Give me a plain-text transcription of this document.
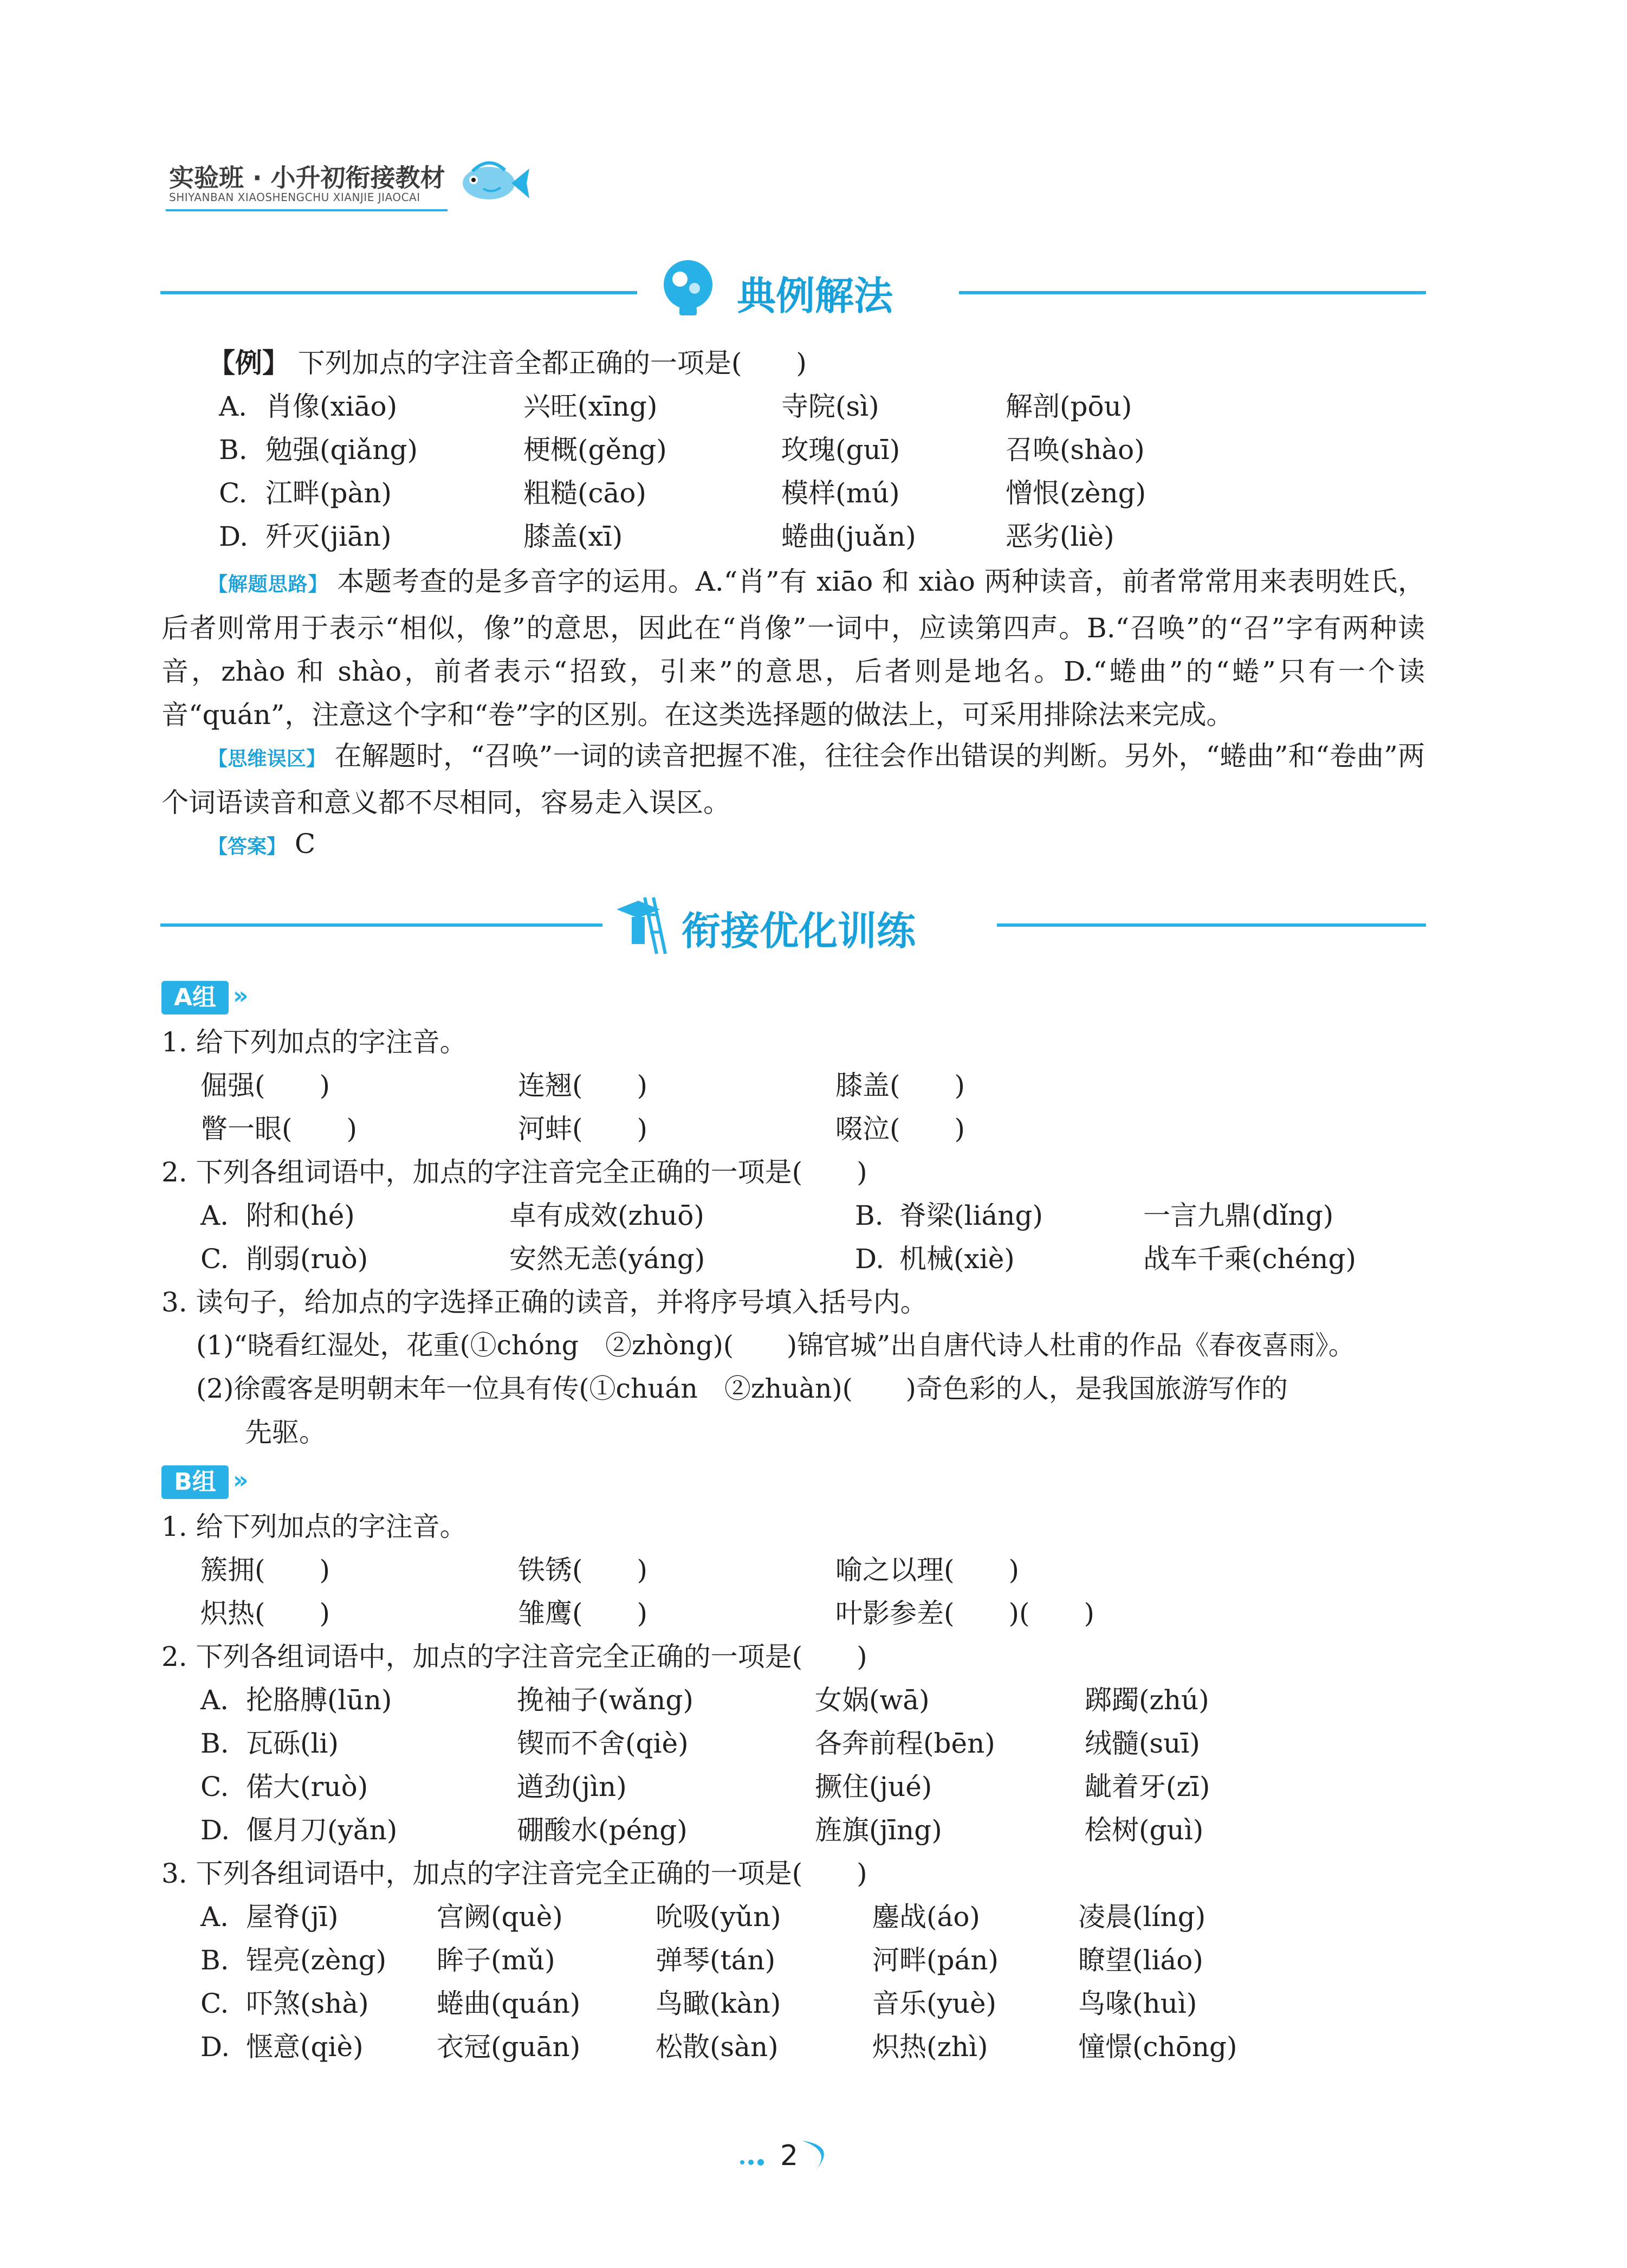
实验班 · 小升初衔接教材
SHIYANBAN XIAOSHENGCHU XIANJIE JIAOCAI
典例解法
【例】 下列加点的字注音全都正确的一项是(　　)
A. 肖像(xiāo)	兴旺(xīng)	寺院(sì)	解剖(pōu)
B. 勉强(qiǎng)	梗概(gěng)	玫瑰(guī)	召唤(shào)
C. 江畔(pàn)	粗糙(cāo)	模样(mú)	憎恨(zèng)
D. 歼灭(jiān)	膝盖(xī)	蜷曲(juǎn)	恶劣(liè)
【解题思路】 本题考查的是多音字的运用。A.“肖”有 xiāo 和 xiào 两种读音，前者常常用来表明姓氏，后者则常用于表示“相似，像”的意思，因此在“肖像”一词中，应读第四声。B.“召唤”的“召”字有两种读音，zhào 和 shào，前者表示“招致，引来”的意思，后者则是地名。D.“蜷曲”的“蜷”只有一个读音“quán”，注意这个字和“卷”字的区别。在这类选择题的做法上，可采用排除法来完成。
【思维误区】 在解题时，“召唤”一词的读音把握不准，往往会作出错误的判断。另外，“蜷曲”和“卷曲”两个词语读音和意义都不尽相同，容易走入误区。
【答案】 C
衔接优化训练
A组 »
1. 给下列加点的字注音。
倔强(　　)	连翘(　　)	膝盖(　　)
瞥一眼(　　)	河蚌(　　)	啜泣(　　)
2. 下列各组词语中，加点的字注音完全正确的一项是(　　)
A. 附和(hé)	卓有成效(zhuō)	B. 脊梁(liáng)	一言九鼎(dǐng)
C. 削弱(ruò)	安然无恙(yáng)	D. 机械(xiè)	战车千乘(chéng)
3. 读句子，给加点的字选择正确的读音，并将序号填入括号内。
(1)“晓看红湿处，花重(①chóng　②zhòng)(　　)锦官城”出自唐代诗人杜甫的作品《春夜喜雨》。
(2)徐霞客是明朝末年一位具有传(①chuán　②zhuàn)(　　)奇色彩的人，是我国旅游写作的
先驱。
B组 »
1. 给下列加点的字注音。
簇拥(　　)	铁锈(　　)	喻之以理(　　)
炽热(　　)	雏鹰(　　)	叶影参差(　　)(　　)
2. 下列各组词语中，加点的字注音完全正确的一项是(　　)
A. 抡胳膊(lūn)	挽袖子(wǎng)	女娲(wā)	踯躅(zhú)
B. 瓦砾(li)	锲而不舍(qiè)	各奔前程(bēn)	绒髓(suī)
C. 偌大(ruò)	遒劲(jìn)	撅住(jué)	龇着牙(zī)
D. 偃月刀(yǎn)	硼酸水(péng)	旌旗(jīng)	桧树(guì)
3. 下列各组词语中，加点的字注音完全正确的一项是(　　)
A. 屋脊(jī)	宫阙(què)	吮吸(yǔn)	鏖战(áo)	凌晨(líng)
B. 锃亮(zèng) 眸子(mǔ)	弹琴(tán)	河畔(pán)	瞭望(liáo)
C. 吓煞(shà)	蜷曲(quán)	鸟瞰(kàn)	音乐(yuè)	鸟喙(huì)
D. 惬意(qiè)	衣冠(guān)	松散(sàn)	炽热(zhì)	憧憬(chōng)
2
